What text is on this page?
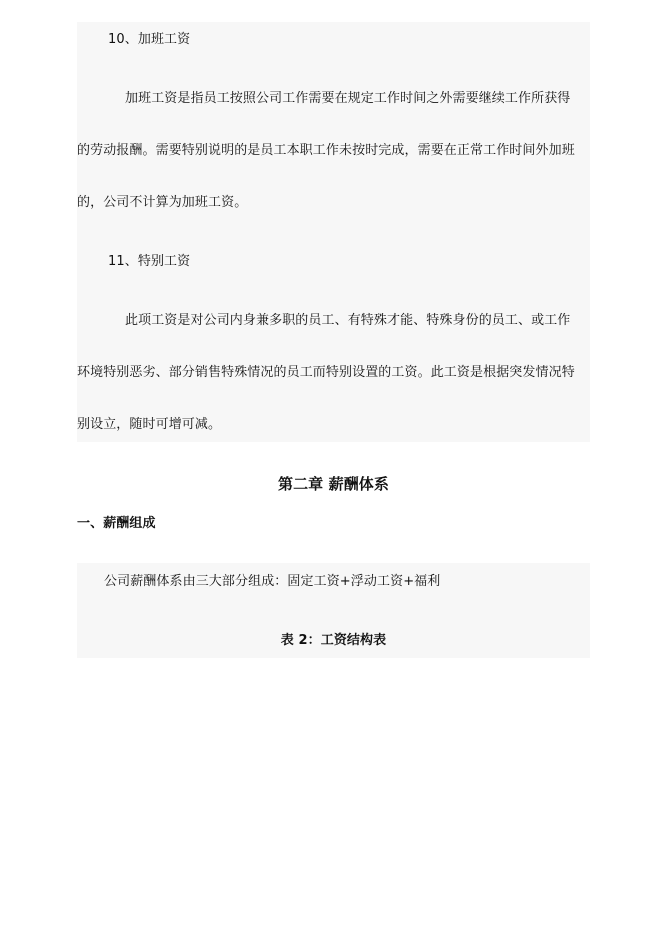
10、加班工资
加班工资是指员工按照公司工作需要在规定工作时间之外需要继续工作所获得
的劳动报酬。需要特别说明的是员工本职工作未按时完成，需要在正常工作时间外加班
的，公司不计算为加班工资。
11、特别工资
此项工资是对公司内身兼多职的员工、有特殊才能、特殊身份的员工、或工作
环境特别恶劣、部分销售特殊情况的员工而特别设置的工资。此工资是根据突发情况特
别设立，随时可增可减。
第二章 薪酬体系
一、薪酬组成
公司薪酬体系由三大部分组成：固定工资+浮动工资+福利
表 2：工资结构表
